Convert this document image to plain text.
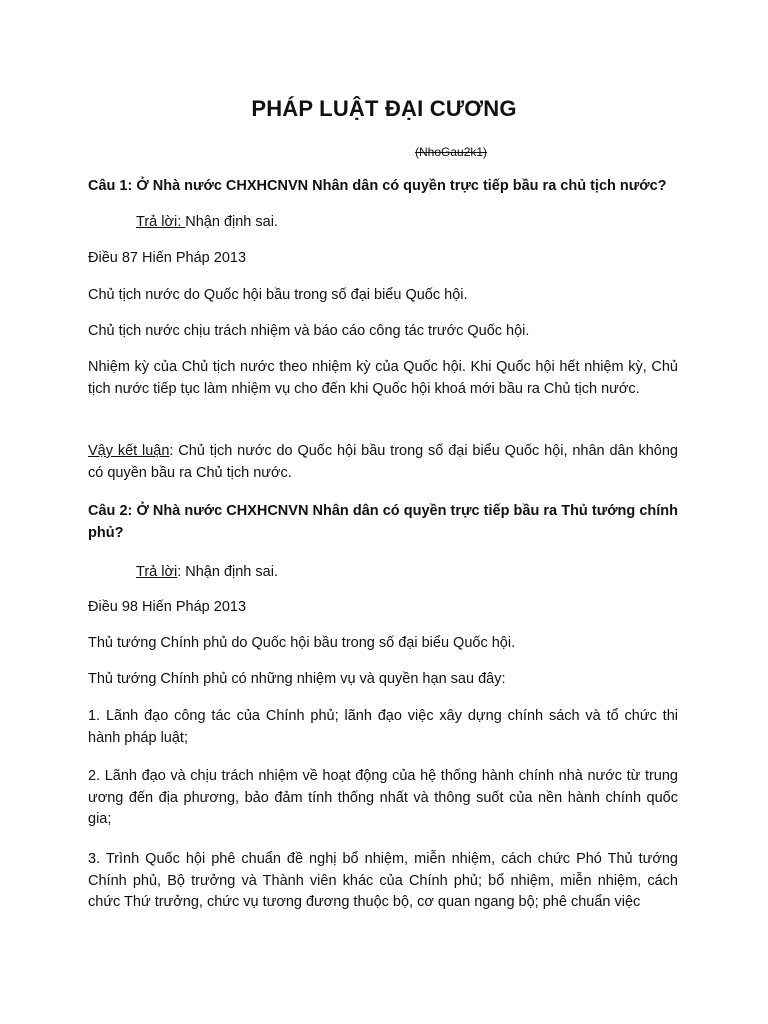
PHÁP LUẬT ĐẠI CƯƠNG
(NhoGau2k1)

Câu 1: Ở Nhà nước CHXHCNVN Nhân dân có quyền trực tiếp bầu ra chủ tịch nước?

Trả lời: Nhận định sai.

Điều 87 Hiến Pháp 2013

Chủ tịch nước do Quốc hội bầu trong số đại biểu Quốc hội.

Chủ tịch nước chịu trách nhiệm và báo cáo công tác trước Quốc hội.

Nhiệm kỳ của Chủ tịch nước theo nhiệm kỳ của Quốc hội. Khi Quốc hội hết nhiệm kỳ, Chủ tịch nước tiếp tục làm nhiệm vụ cho đến khi Quốc hội khoá mới bầu ra Chủ tịch nước.

Vậy kết luận: Chủ tịch nước do Quốc hội bầu trong số đại biểu Quốc hội, nhân dân không có quyền bầu ra Chủ tịch nước.

Câu 2: Ở Nhà nước CHXHCNVN Nhân dân có quyền trực tiếp bầu ra Thủ tướng chính phủ?

Trả lời: Nhận định sai.

Điều 98 Hiến Pháp 2013

Thủ tướng Chính phủ do Quốc hội bầu trong số đại biểu Quốc hội.

Thủ tướng Chính phủ có những nhiệm vụ và quyền hạn sau đây:

1. Lãnh đạo công tác của Chính phủ; lãnh đạo việc xây dựng chính sách và tổ chức thi hành pháp luật;

2. Lãnh đạo và chịu trách nhiệm về hoạt động của hệ thống hành chính nhà nước từ trung ương đến địa phương, bảo đảm tính thống nhất và thông suốt của nền hành chính quốc gia;

3. Trình Quốc hội phê chuẩn đề nghị bổ nhiệm, miễn nhiệm, cách chức Phó Thủ tướng Chính phủ, Bộ trưởng và Thành viên khác của Chính phủ; bổ nhiệm, miễn nhiệm, cách chức Thứ trưởng, chức vụ tương đương thuộc bộ, cơ quan ngang bộ; phê chuẩn việc
